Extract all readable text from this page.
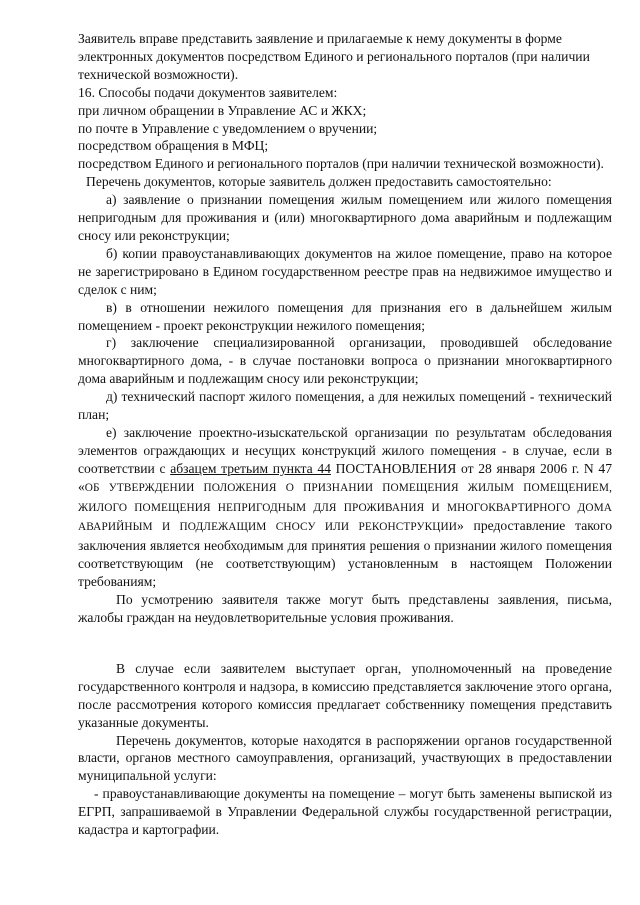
Заявитель вправе представить заявление и прилагаемые к нему документы в форме электронных документов посредством Единого и регионального порталов (при наличии технической возможности).

16. Способы подачи документов заявителем:

при личном обращении в Управление АС и ЖКХ;

по почте в Управление с уведомлением о вручении;

посредством обращения в МФЦ;

посредством Единого и регионального порталов (при наличии технической возможности).

Перечень документов, которые заявитель должен предоставить самостоятельно:

а) заявление о признании помещения жилым помещением или жилого помещения непригодным для проживания и (или) многоквартирного дома аварийным и подлежащим сносу или реконструкции;

б) копии правоустанавливающих документов на жилое помещение, право на которое не зарегистрировано в Едином государственном реестре прав на недвижимое имущество и сделок с ним;

в) в отношении нежилого помещения для признания его в дальнейшем жилым помещением - проект реконструкции нежилого помещения;

г) заключение специализированной организации, проводившей обследование многоквартирного дома, - в случае постановки вопроса о признании многоквартирного дома аварийным и подлежащим сносу или реконструкции;

д) технический паспорт жилого помещения, а для нежилых помещений - технический план;

е) заключение проектно-изыскательской организации по результатам обследования элементов ограждающих и несущих конструкций жилого помещения - в случае, если в соответствии с абзацем третьим пункта 44 ПОСТАНОВЛЕНИЯ от 28 января 2006 г. N 47 «ОБ УТВЕРЖДЕНИИ ПОЛОЖЕНИЯ О ПРИЗНАНИИ ПОМЕЩЕНИЯ ЖИЛЫМ ПОМЕЩЕНИЕМ, ЖИЛОГО ПОМЕЩЕНИЯ НЕПРИГОДНЫМ ДЛЯ ПРОЖИВАНИЯ И МНОГОКВАРТИРНОГО ДОМА АВАРИЙНЫМ И ПОДЛЕЖАЩИМ СНОСУ ИЛИ РЕКОНСТРУКЦИИ» предоставление такого заключения является необходимым для принятия решения о признании жилого помещения соответствующим (не соответствующим) установленным в настоящем Положении требованиям;

По усмотрению заявителя также могут быть представлены заявления, письма, жалобы граждан на неудовлетворительные условия проживания.

В случае если заявителем выступает орган, уполномоченный на проведение государственного контроля и надзора, в комиссию представляется заключение этого органа, после рассмотрения которого комиссия предлагает собственнику помещения представить указанные документы.

Перечень документов, которые находятся в распоряжении органов государственной власти, органов местного самоуправления, организаций, участвующих в предоставлении муниципальной услуги:

- правоустанавливающие документы на помещение – могут быть заменены выпиской из ЕГРП, запрашиваемой в Управлении Федеральной службы государственной регистрации, кадастра и картографии.
